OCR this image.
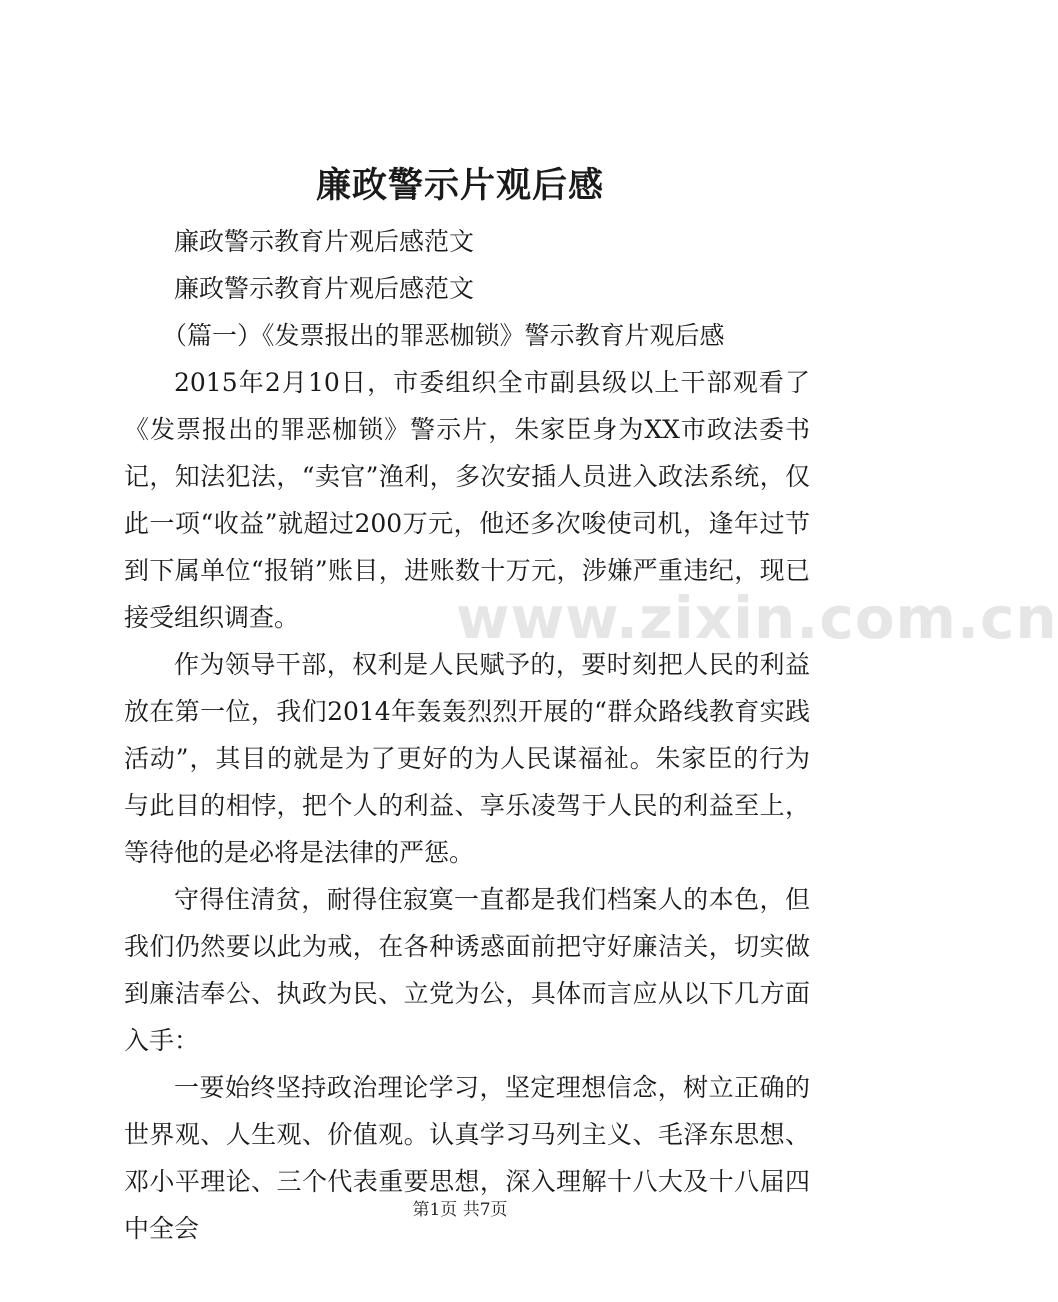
廉政警示片观后感
廉政警示教育片观后感范文
廉政警示教育片观后感范文
（篇一）《发票报出的罪恶枷锁》警示教育片观后感
2015年2月10日，市委组织全市副县级以上干部观看了《发票报出的罪恶枷锁》警示片，朱家臣身为XX市政法委书记，知法犯法，“卖官”渔利，多次安插人员进入政法系统，仅此一项“收益”就超过200万元，他还多次唆使司机，逢年过节到下属单位“报销”账目，进账数十万元，涉嫌严重违纪，现已接受组织调查。
作为领导干部，权利是人民赋予的，要时刻把人民的利益放在第一位，我们2014年轰轰烈烈开展的“群众路线教育实践活动”，其目的就是为了更好的为人民谋福祉。朱家臣的行为与此目的相悖，把个人的利益、享乐凌驾于人民的利益至上，等待他的是必将是法律的严惩。
守得住清贫，耐得住寂寞一直都是我们档案人的本色，但我们仍然要以此为戒，在各种诱惑面前把守好廉洁关，切实做到廉洁奉公、执政为民、立党为公，具体而言应从以下几方面入手：
一要始终坚持政治理论学习，坚定理想信念，树立正确的世界观、人生观、价值观。认真学习马列主义、毛泽东思想、邓小平理论、三个代表重要思想，深入理解十八大及十八届四中全会
www.zixin.com.cn
第1页 共7页
